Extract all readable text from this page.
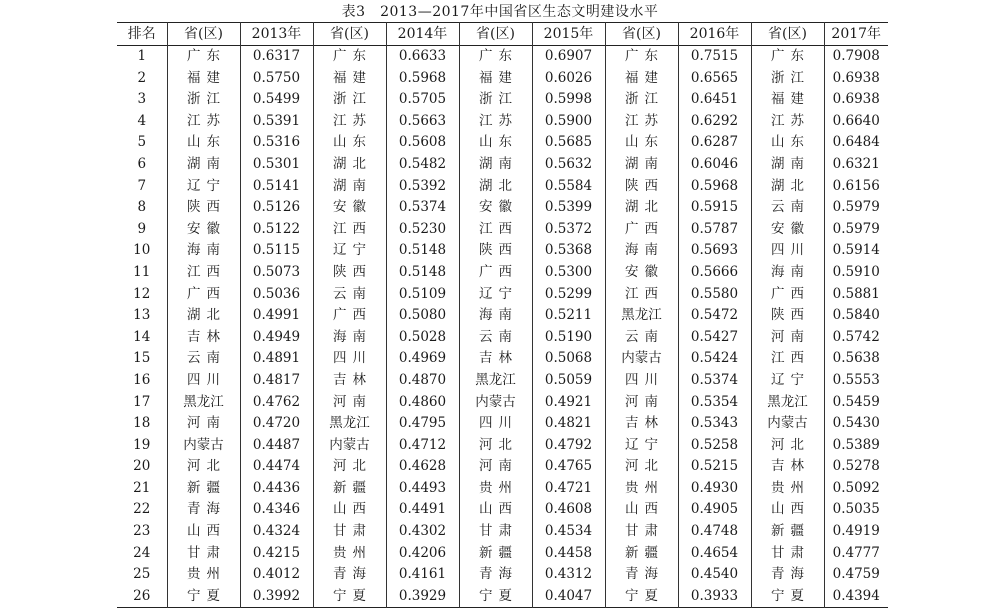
表3　2013—2017年中国省区生态文明建设水平
排名	省(区)	2013年	省(区)	2014年	省(区)	2015年	省(区)	2016年	省(区)	2017年
1	广东	0.6317	广东	0.6633	广东	0.6907	广东	0.7515	广东	0.7908
2	福建	0.5750	福建	0.5968	福建	0.6026	福建	0.6565	浙江	0.6938
3	浙江	0.5499	浙江	0.5705	浙江	0.5998	浙江	0.6451	福建	0.6938
4	江苏	0.5391	江苏	0.5663	江苏	0.5900	江苏	0.6292	江苏	0.6640
5	山东	0.5316	山东	0.5608	山东	0.5685	山东	0.6287	山东	0.6484
6	湖南	0.5301	湖北	0.5482	湖南	0.5632	湖南	0.6046	湖南	0.6321
7	辽宁	0.5141	湖南	0.5392	湖北	0.5584	陕西	0.5968	湖北	0.6156
8	陕西	0.5126	安徽	0.5374	安徽	0.5399	湖北	0.5915	云南	0.5979
9	安徽	0.5122	江西	0.5230	江西	0.5372	广西	0.5787	安徽	0.5979
10	海南	0.5115	辽宁	0.5148	陕西	0.5368	海南	0.5693	四川	0.5914
11	江西	0.5073	陕西	0.5148	广西	0.5300	安徽	0.5666	海南	0.5910
12	广西	0.5036	云南	0.5109	辽宁	0.5299	江西	0.5580	广西	0.5881
13	湖北	0.4991	广西	0.5080	海南	0.5211	黑龙江	0.5472	陕西	0.5840
14	吉林	0.4949	海南	0.5028	云南	0.5190	云南	0.5427	河南	0.5742
15	云南	0.4891	四川	0.4969	吉林	0.5068	内蒙古	0.5424	江西	0.5638
16	四川	0.4817	吉林	0.4870	黑龙江	0.5059	四川	0.5374	辽宁	0.5553
17	黑龙江	0.4762	河南	0.4860	内蒙古	0.4921	河南	0.5354	黑龙江	0.5459
18	河南	0.4720	黑龙江	0.4795	四川	0.4821	吉林	0.5343	内蒙古	0.5430
19	内蒙古	0.4487	内蒙古	0.4712	河北	0.4792	辽宁	0.5258	河北	0.5389
20	河北	0.4474	河北	0.4628	河南	0.4765	河北	0.5215	吉林	0.5278
21	新疆	0.4436	新疆	0.4493	贵州	0.4721	贵州	0.4930	贵州	0.5092
22	青海	0.4346	山西	0.4491	山西	0.4608	山西	0.4905	山西	0.5035
23	山西	0.4324	甘肃	0.4302	甘肃	0.4534	甘肃	0.4748	新疆	0.4919
24	甘肃	0.4215	贵州	0.4206	新疆	0.4458	新疆	0.4654	甘肃	0.4777
25	贵州	0.4012	青海	0.4161	青海	0.4312	青海	0.4540	青海	0.4759
26	宁夏	0.3992	宁夏	0.3929	宁夏	0.4047	宁夏	0.3933	宁夏	0.4394
